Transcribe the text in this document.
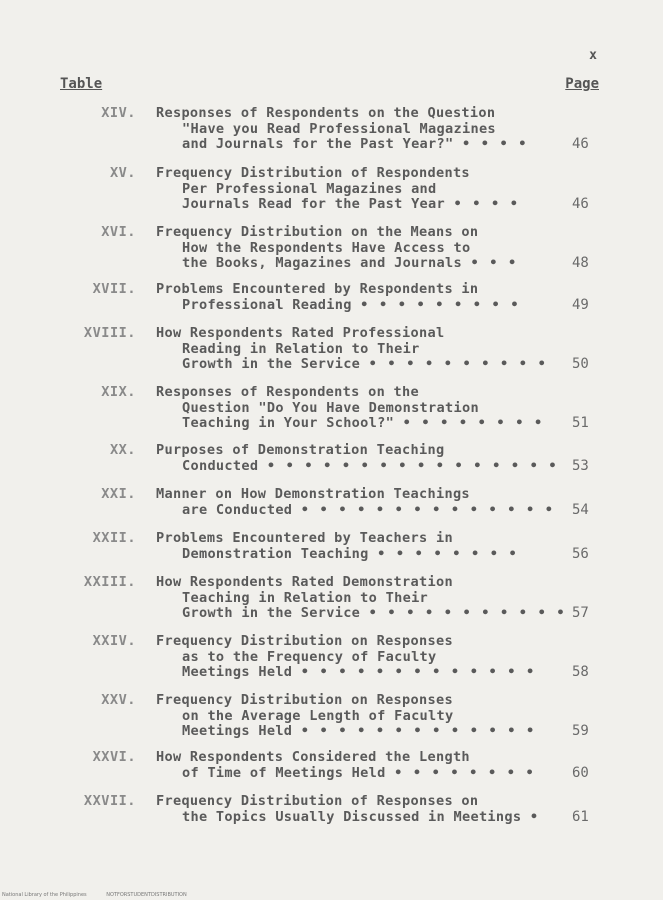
x
Table	Page
XIV. Responses of Respondents on the Question
"Have you Read Professional Magazines
and Journals for the Past Year?" • • • •	46
XV. Frequency Distribution of Respondents
Per Professional Magazines and
Journals Read for the Past Year • • • •	46
XVI. Frequency Distribution on the Means on
How the Respondents Have Access to
the Books, Magazines and Journals • • •	48
XVII. Problems Encountered by Respondents in
Professional Reading • • • • • • • • •	49
XVIII. How Respondents Rated Professional
Reading in Relation to Their
Growth in the Service • • • • • • • • • •	50
XIX. Responses of Respondents on the
Question "Do You Have Demonstration
Teaching in Your School?" • • • • • • • •	51
XX. Purposes of Demonstration Teaching
Conducted • • • • • • • • • • • • • • • •	53
XXI. Manner on How Demonstration Teachings
are Conducted • • • • • • • • • • • • • •	54
XXII. Problems Encountered by Teachers in
Demonstration Teaching • • • • • • • •	56
XXIII. How Respondents Rated Demonstration
Teaching in Relation to Their
Growth in the Service • • • • • • • • • • • 57
XXIV. Frequency Distribution on Responses
as to the Frequency of Faculty
Meetings Held • • • • • • • • • • • • •	58
XXV. Frequency Distribution on Responses
on the Average Length of Faculty
Meetings Held • • • • • • • • • • • • •	59
XXVI. How Respondents Considered the Length
of Time of Meetings Held • • • • • • • •	60
XXVII. Frequency Distribution of Responses on
the Topics Usually Discussed in Meetings •	61
National Library of the Philippines	NOTFORSTUDENTDISTRIBUTION
